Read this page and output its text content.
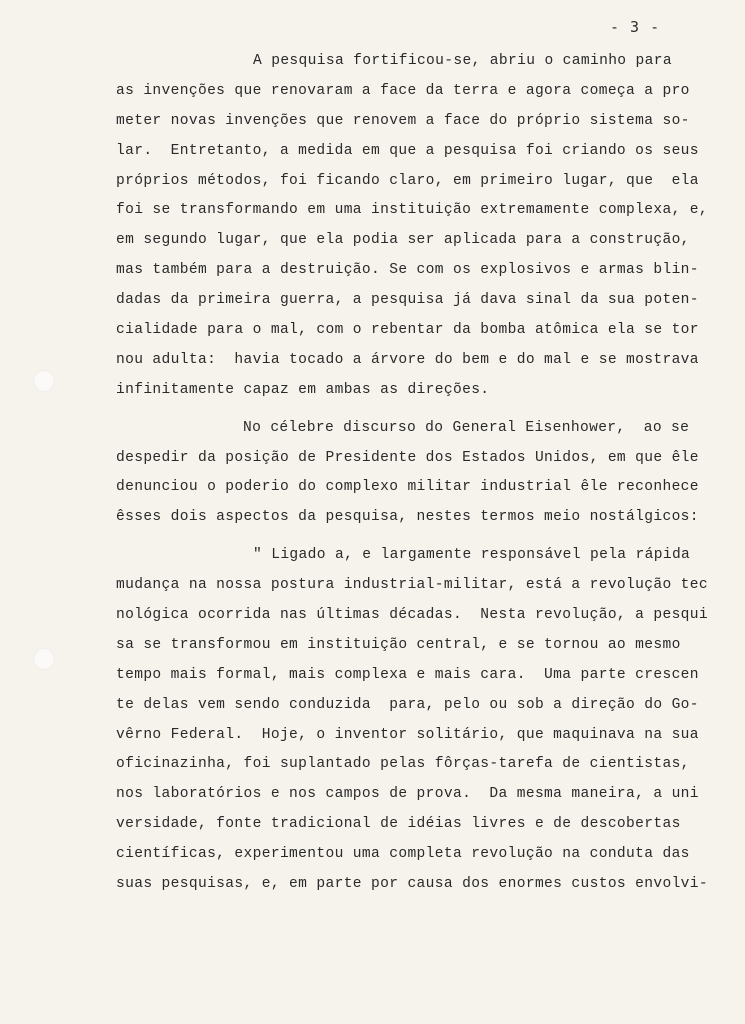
- 3 -
A pesquisa fortificou-se, abriu o caminho para
as invenções que renovaram a face da terra e agora começa a pro
meter novas invenções que renovem a face do próprio sistema so-
lar.  Entretanto, a medida em que a pesquisa foi criando os seus
próprios métodos, foi ficando claro, em primeiro lugar, que  ela
foi se transformando em uma instituição extremamente complexa, e,
em segundo lugar, que ela podia ser aplicada para a construção,
mas também para a destruição. Se com os explosivos e armas blin-
dadas da primeira guerra, a pesquisa já dava sinal da sua poten-
cialidade para o mal, com o rebentar da bomba atômica ela se tor
nou adulta:  havia tocado a árvore do bem e do mal e se mostrava
infinitamente capaz em ambas as direções.
No célebre discurso do General Eisenhower,  ao se
despedir da posição de Presidente dos Estados Unidos, em que êle
denunciou o poderio do complexo militar industrial êle reconhece
êsses dois aspectos da pesquisa, nestes termos meio nostálgicos:
" Ligado a, e largamente responsável pela rápida
mudança na nossa postura industrial-militar, está a revolução tec
nológica ocorrida nas últimas décadas.  Nesta revolução, a pesqui
sa se transformou em instituição central, e se tornou ao mesmo
tempo mais formal, mais complexa e mais cara.  Uma parte crescen
te delas vem sendo conduzida  para, pelo ou sob a direção do Go-
vêrno Federal.  Hoje, o inventor solitário, que maquinava na sua
oficinazinha, foi suplantado pelas fôrças-tarefa de cientistas,
nos laboratórios e nos campos de prova.  Da mesma maneira, a uni
versidade, fonte tradicional de idéias livres e de descobertas
científicas, experimentou uma completa revolução na conduta das
suas pesquisas, e, em parte por causa dos enormes custos envolvi-
